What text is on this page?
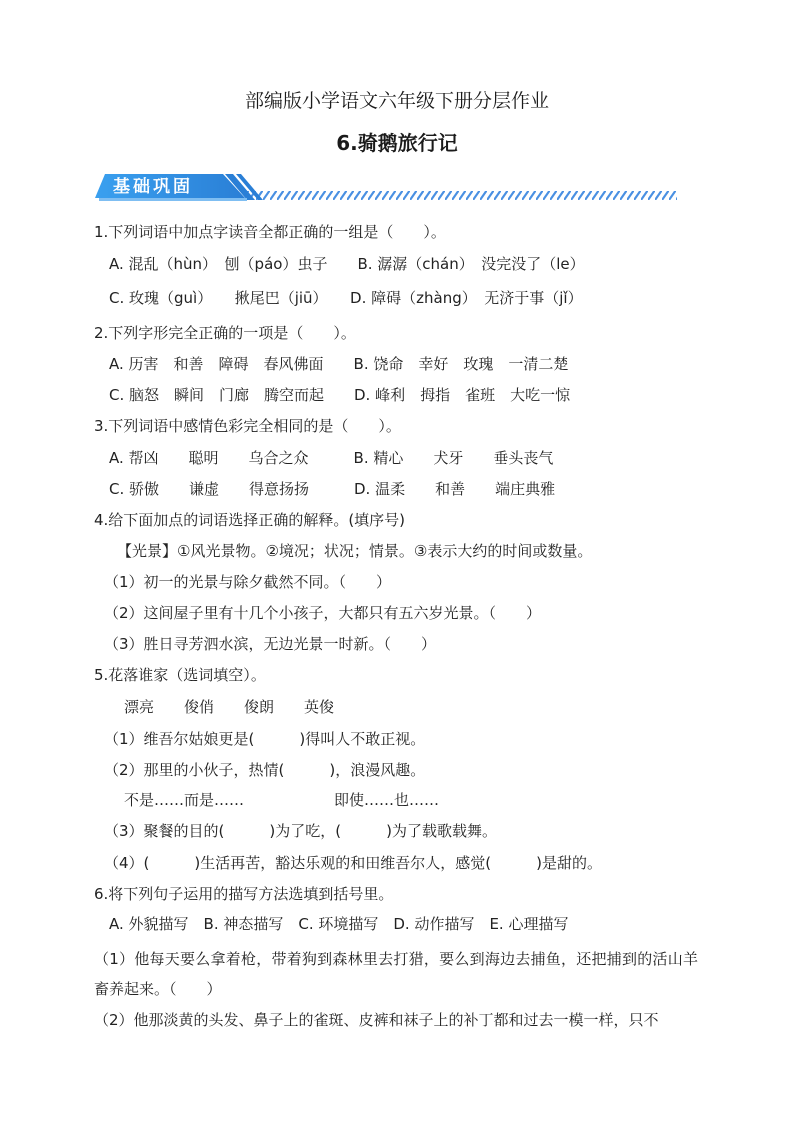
部编版小学语文六年级下册分层作业
6.骑鹅旅行记
基础巩固
1.下列词语中加点字读音全都正确的一组是（　　）。
A. 混乱（hùn）　刨（páo）虫子　　B. 潺潺（chán）　没完没了（le）
C. 玫瑰（guì）　　揪尾巴（jiū）　　D. 障碍（zhàng）　无济于事（jǐ）
2.下列字形完全正确的一项是（　　）。
A. 历害　和善　障碍　春风佛面　　B. 饶命　幸好　玫瑰　一清二楚
C. 脑怒　瞬间　门廊　腾空而起　　D. 峰利　拇指　雀班　大吃一惊
3.下列词语中感情色彩完全相同的是（　　）。
A. 帮凶　　聪明　　乌合之众　　　B. 精心　　犬牙　　垂头丧气
C. 骄傲　　谦虚　　得意扬扬　　　D. 温柔　　和善　　端庄典雅
4.给下面加点的词语选择正确的解释。(填序号)
【光景】①风光景物。②境况；状况；情景。③表示大约的时间或数量。
（1）初一的光景与除夕截然不同。（　　）
（2）这间屋子里有十几个小孩子，大都只有五六岁光景。（　　）
（3）胜日寻芳泗水滨，无边光景一时新。（　　）
5.花落谁家（选词填空）。
漂亮　　俊俏　　俊朗　　英俊
（1）维吾尔姑娘更是(　　　)得叫人不敢正视。
（2）那里的小伙子，热情(　　　)，浪漫风趣。
不是……而是……　　　　　　即使……也……
（3）聚餐的目的(　　　)为了吃，(　　　)为了载歌载舞。
（4）(　　　)生活再苦，豁达乐观的和田维吾尔人，感觉(　　　)是甜的。
6.将下列句子运用的描写方法选填到括号里。
A. 外貌描写　B. 神态描写　C. 环境描写　D. 动作描写　E. 心理描写
（1）他每天要么拿着枪，带着狗到森林里去打猎，要么到海边去捕鱼，还把捕到的活山羊畜养起来。（　　）
（2）他那淡黄的头发、鼻子上的雀斑、皮裤和袜子上的补丁都和过去一模一样，只不
